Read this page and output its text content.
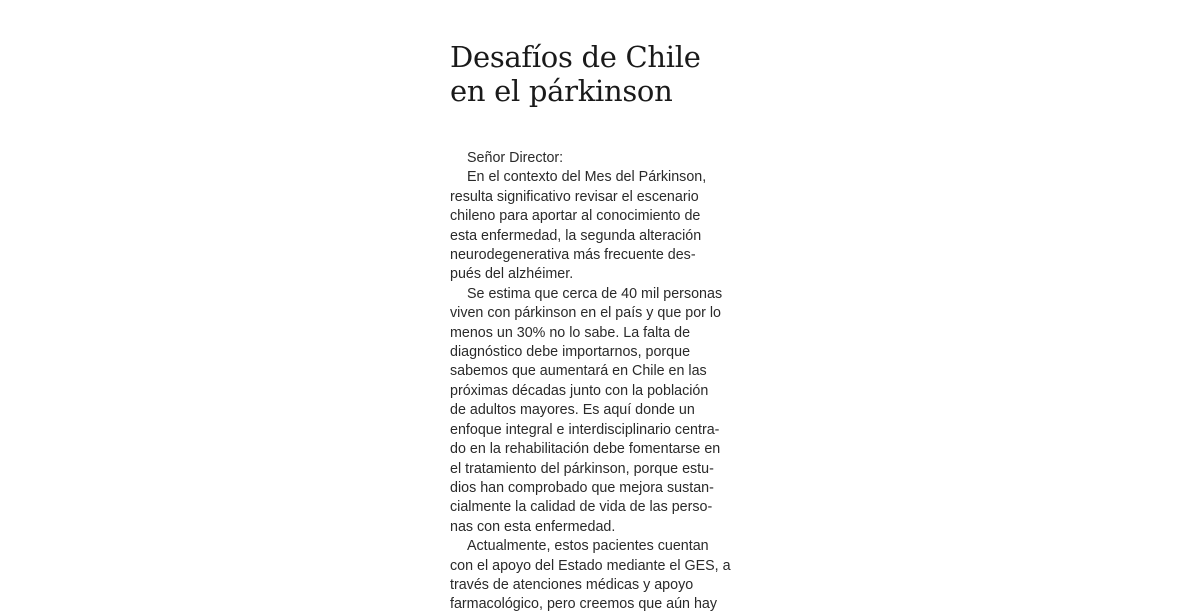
Desafíos de Chile
en el párkinson

Señor Director:

En el contexto del Mes del Párkinson,
resulta significativo revisar el escenario
chileno para aportar al conocimiento de
esta enfermedad, la segunda alteración
neurodegenerativa más frecuente des-
pués del alzhéimer.

Se estima que cerca de 40 mil personas
viven con párkinson en el país y que por lo
menos un 30% no lo sabe. La falta de
diagnóstico debe importarnos, porque
sabemos que aumentará en Chile en las
próximas décadas junto con la población
de adultos mayores. Es aquí donde un
enfoque integral e interdisciplinario centra-
do en la rehabilitación debe fomentarse en
el tratamiento del párkinson, porque estu-
dios han comprobado que mejora sustan-
cialmente la calidad de vida de las perso-
nas con esta enfermedad.

Actualmente, estos pacientes cuentan
con el apoyo del Estado mediante el GES, a
través de atenciones médicas y apoyo
farmacológico, pero creemos que aún hay
